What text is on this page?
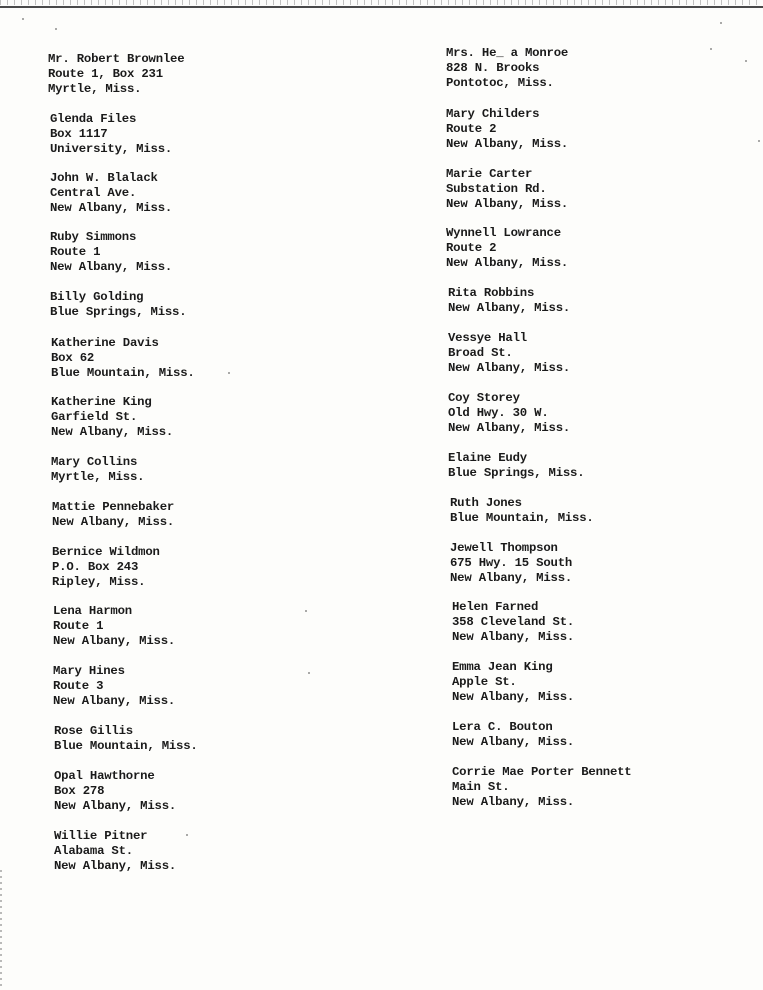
Mr. Robert Brownlee
Route 1, Box 231
Myrtle, Miss.
Glenda Files
Box 1117
University, Miss.
John W. Blalack
Central Ave.
New Albany, Miss.
Ruby Simmons
Route 1
New Albany, Miss.
Billy Golding
Blue Springs, Miss.
Katherine Davis
Box 62
Blue Mountain, Miss.
Katherine King
Garfield St.
New Albany, Miss.
Mary Collins
Myrtle, Miss.
Mattie Pennebaker
New Albany, Miss.
Bernice Wildmon
P.O. Box 243
Ripley, Miss.
Lena Harmon
Route 1
New Albany, Miss.
Mary Hines
Route 3
New Albany, Miss.
Rose Gillis
Blue Mountain, Miss.
Opal Hawthorne
Box 278
New Albany, Miss.
Willie Pitner
Alabama St.
New Albany, Miss.
Mrs. He_ a Monroe
828 N. Brooks
Pontotoc, Miss.
Mary Childers
Route 2
New Albany, Miss.
Marie Carter
Substation Rd.
New Albany, Miss.
Wynnell Lowrance
Route 2
New Albany, Miss.
Rita Robbins
New Albany, Miss.
Vessye Hall
Broad St.
New Albany, Miss.
Coy Storey
Old Hwy. 30 W.
New Albany, Miss.
Elaine Eudy
Blue Springs, Miss.
Ruth Jones
Blue Mountain, Miss.
Jewell Thompson
675 Hwy. 15 South
New Albany, Miss.
Helen Farned
358 Cleveland St.
New Albany, Miss.
Emma Jean King
Apple St.
New Albany, Miss.
Lera C. Bouton
New Albany, Miss.
Corrie Mae Porter Bennett
Main St.
New Albany, Miss.
